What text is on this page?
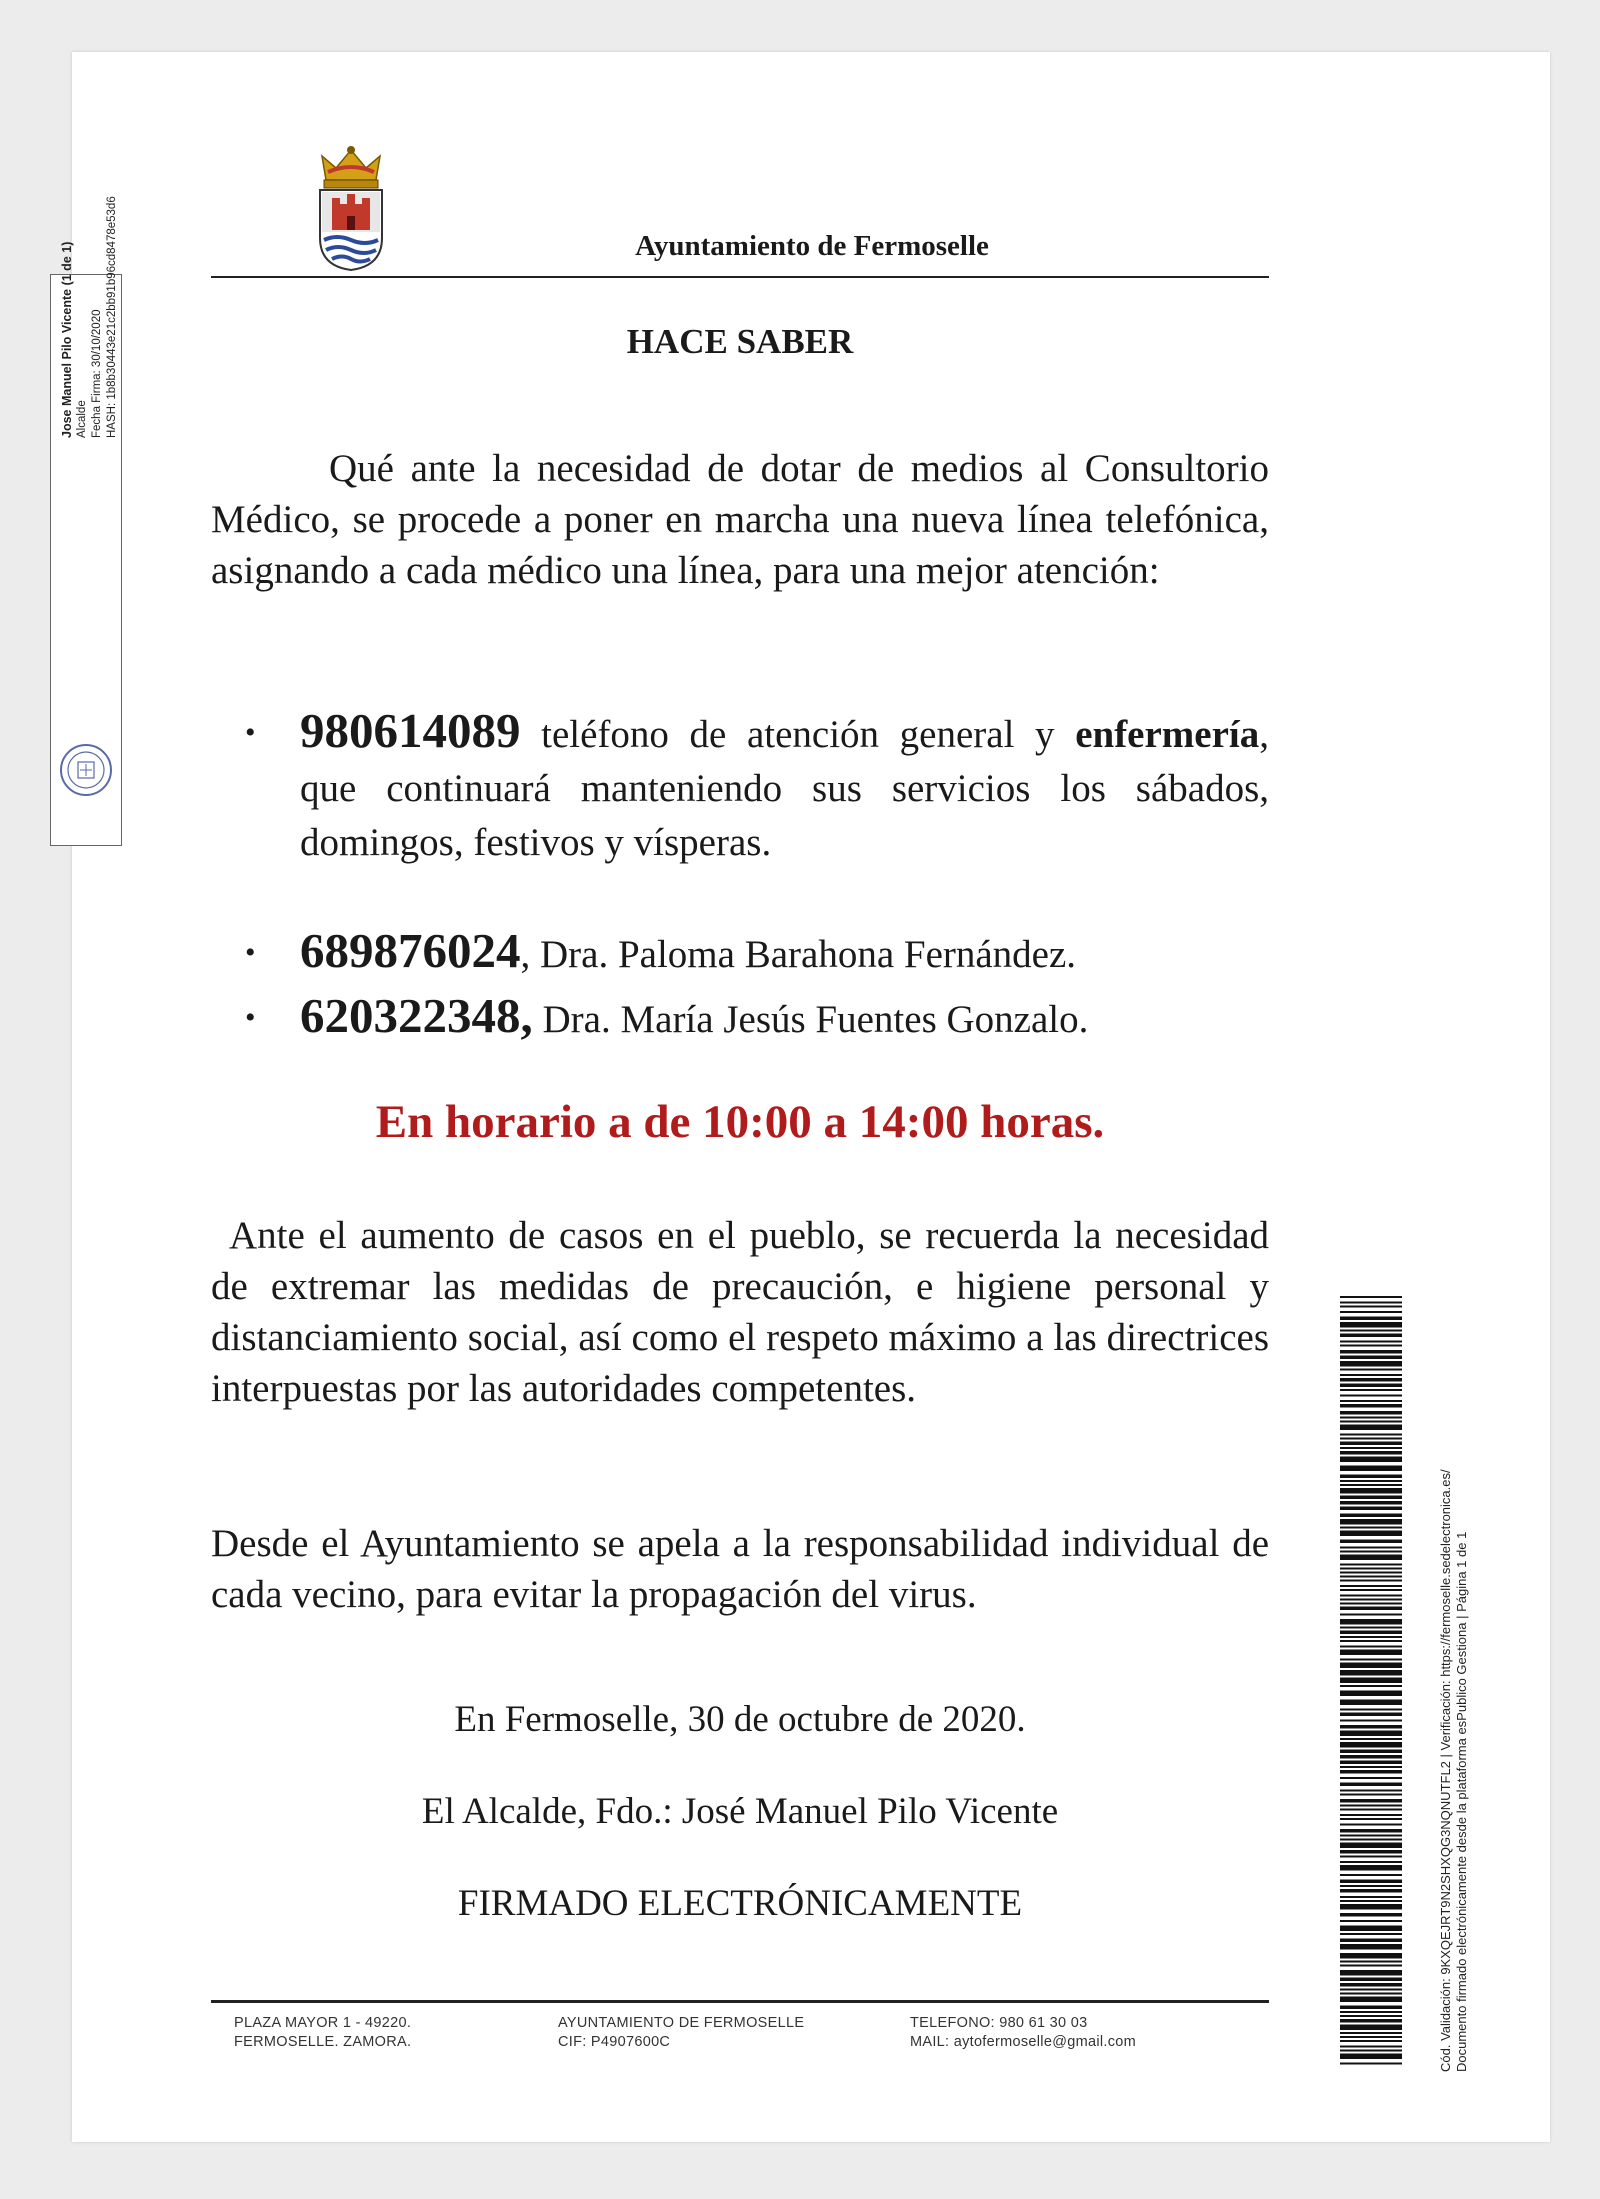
Ayuntamiento de Fermoselle
Jose Manuel Pilo Vicente (1 de 1) Alcalde Fecha Firma: 30/10/2020 HASH: 1b8b30443e21c2bb91b96cd8478e53d6	HACE SABER

Qué ante la necesidad de dotar de medios al Consultorio Médico, se procede a poner en marcha una nueva línea telefónica, asignando a cada médico una línea, para una mejor atención:

• 980614089 teléfono de atención general y enfermería, que continuará manteniendo sus servicios los sábados, domingos, festivos y vísperas.
• 689876024, Dra. Paloma Barahona Fernández.
• 620322348, Dra. María Jesús Fuentes Gonzalo.

En horario a de 10:00 a 14:00 horas.

Ante el aumento de casos en el pueblo, se recuerda la necesidad de extremar las medidas de precaución, e higiene personal y distanciamiento social, así como el respeto máximo a las directrices interpuestas por las autoridades competentes.

Desde el Ayuntamiento se apela a la responsabilidad individual de cada vecino, para evitar la propagación del virus.

En Fermoselle, 30 de octubre de 2020.

El Alcalde, Fdo.: José Manuel Pilo Vicente

FIRMADO ELECTRÓNICAMENTE

PLAZA MAYOR 1 - 49220.
FERMOSELLE. ZAMORA.
AYUNTAMIENTO DE FERMOSELLE
CIF: P4907600C
TELEFONO: 980 61 30 03
MAIL: aytofermoselle@gmail.com	Cód. Validación: 9KXQEJRT9N2SHXQG3NQNUTFL2 | Verificación: https://fermoselle.sedelectronica.es/ Documento firmado electrónicamente desde la plataforma esPublico Gestiona | Página 1 de 1
